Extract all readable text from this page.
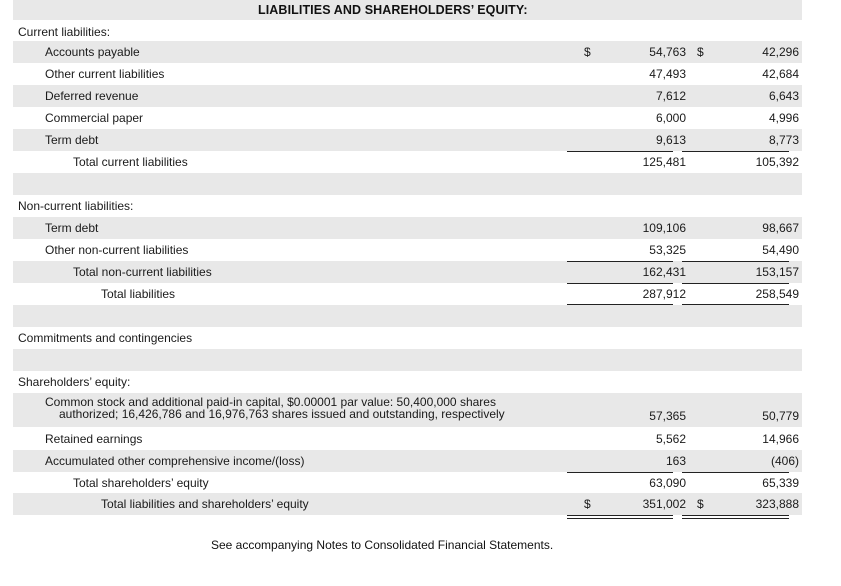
LIABILITIES AND SHAREHOLDERS’ EQUITY:
Current liabilities:
Accounts payable	$	54,763 $	42,296
Other current liabilities	47,493	42,684
Deferred revenue	7,612	6,643
Commercial paper	6,000	4,996
Term debt	9,613	8,773
Total current liabilities	125,481	105,392
Non-current liabilities:
Term debt	109,106	98,667
Other non-current liabilities	53,325	54,490
Total non-current liabilities	162,431	153,157
Total liabilities	287,912	258,549
Commitments and contingencies
Shareholders’ equity:
Common stock and additional paid-in capital, $0.00001 par value: 50,400,000 shares
authorized; 16,426,786 and 16,976,763 shares issued and outstanding, respectively	57,365	50,779
Retained earnings	5,562	14,966
Accumulated other comprehensive income/(loss)	163	(406)
Total shareholders’ equity	63,090	65,339
Total liabilities and shareholders’ equity	$	351,002 $	323,888
See accompanying Notes to Consolidated Financial Statements.
